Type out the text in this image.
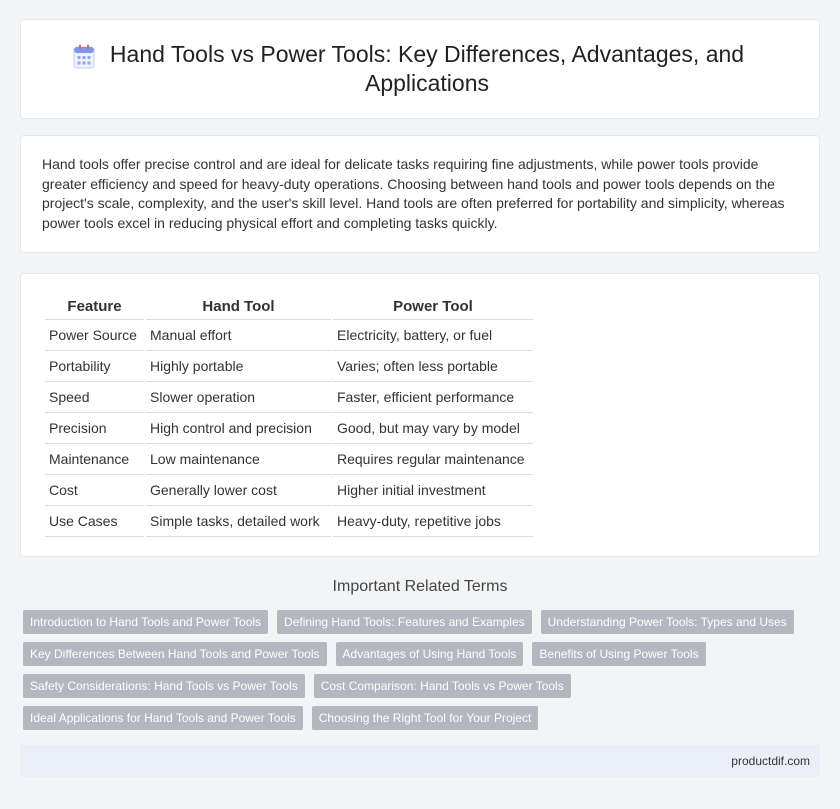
Hand Tools vs Power Tools: Key Differences, Advantages, and Applications

Hand tools offer precise control and are ideal for delicate tasks requiring fine adjustments, while power tools provide greater efficiency and speed for heavy-duty operations. Choosing between hand tools and power tools depends on the project's scale, complexity, and the user's skill level. Hand tools are often preferred for portability and simplicity, whereas power tools excel in reducing physical effort and completing tasks quickly.

Feature	Hand Tool	Power Tool
Power Source	Manual effort	Electricity, battery, or fuel
Portability	Highly portable	Varies; often less portable
Speed	Slower operation	Faster, efficient performance
Precision	High control and precision	Good, but may vary by model
Maintenance	Low maintenance	Requires regular maintenance
Cost	Generally lower cost	Higher initial investment
Use Cases	Simple tasks, detailed work	Heavy-duty, repetitive jobs
Important Related Terms
Introduction to Hand Tools and Power Tools	Defining Hand Tools: Features and Examples	Understanding Power Tools: Types and Uses
Key Differences Between Hand Tools and Power Tools	Advantages of Using Hand Tools	Benefits of Using Power Tools
Safety Considerations: Hand Tools vs Power Tools	Cost Comparison: Hand Tools vs Power Tools
Ideal Applications for Hand Tools and Power Tools	Choosing the Right Tool for Your Project
productdif.com
